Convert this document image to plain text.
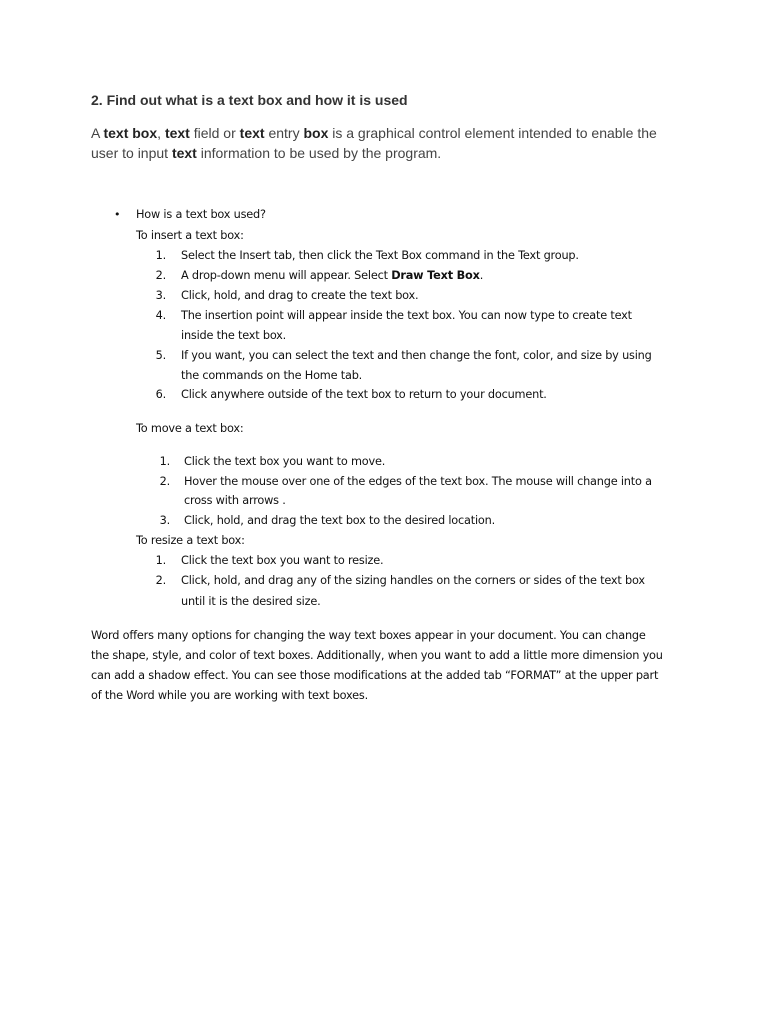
2. Find out what is a text box and how it is used
A text box, text field or text entry box is a graphical control element intended to enable the
user to input text information to be used by the program.
• How is a text box used?
To insert a text box:
1. Select the Insert tab, then click the Text Box command in the Text group.
2. A drop-down menu will appear. Select Draw Text Box.
3. Click, hold, and drag to create the text box.
4. The insertion point will appear inside the text box. You can now type to create text
inside the text box.
5. If you want, you can select the text and then change the font, color, and size by using
the commands on the Home tab.
6. Click anywhere outside of the text box to return to your document.
To move a text box:
1. Click the text box you want to move.
2. Hover the mouse over one of the edges of the text box. The mouse will change into a
cross with arrows .
3. Click, hold, and drag the text box to the desired location.
To resize a text box:
1. Click the text box you want to resize.
2. Click, hold, and drag any of the sizing handles on the corners or sides of the text box
until it is the desired size.
Word offers many options for changing the way text boxes appear in your document. You can change
the shape, style, and color of text boxes. Additionally, when you want to add a little more dimension you
can add a shadow effect. You can see those modifications at the added tab “FORMAT” at the upper part
of the Word while you are working with text boxes.
